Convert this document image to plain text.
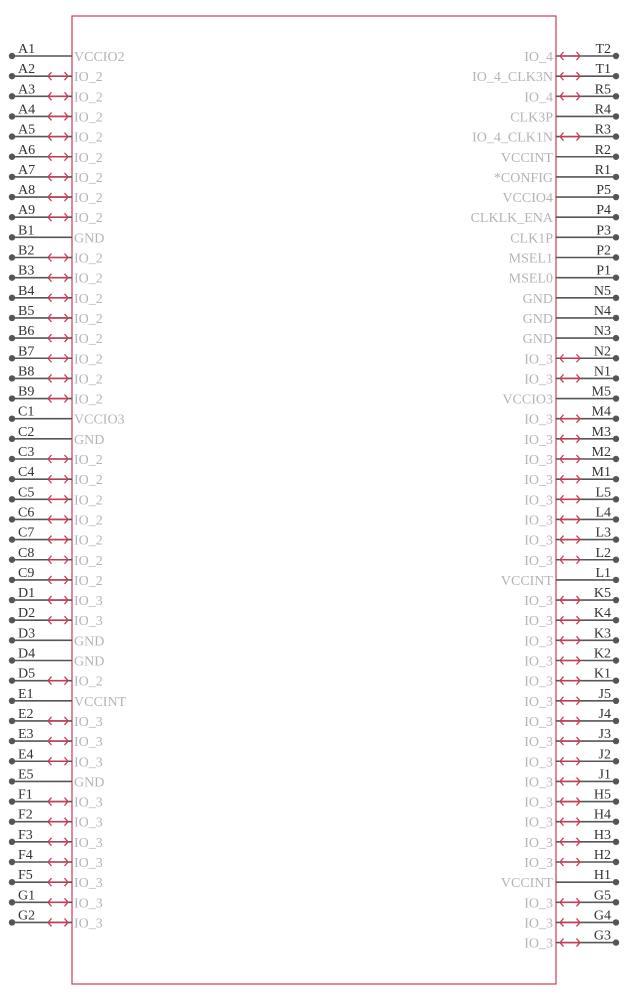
A1
VCCIO2
A2
IO_2
A3
IO_2
A4
IO_2
A5
IO_2
A6
IO_2
A7
IO_2
A8
IO_2
A9
IO_2
B1
GND
B2
IO_2
B3
IO_2
B4
IO_2
B5
IO_2
B6
IO_2
B7
IO_2
B8
IO_2
B9
IO_2
C1
VCCIO3
C2
GND
C3
IO_2
C4
IO_2
C5
IO_2
C6
IO_2
C7
IO_2
C8
IO_2
C9
IO_2
D1
IO_3
D2
IO_3
D3
GND
D4
GND
D5
IO_2
E1
VCCINT
E2
IO_3
E3
IO_3
E4
IO_3
E5
GND
F1
IO_3
F2
IO_3
F3
IO_3
F4
IO_3
F5
IO_3
G1
IO_3
G2
IO_3
T2
IO_4
T1
IO_4_CLK3N
R5
IO_4
R4
CLK3P
R3
IO_4_CLK1N
R2
VCCINT
R1
*CONFIG
P5
VCCIO4
P4
CLKLK_ENA
P3
CLK1P
P2
MSEL1
P1
MSEL0
N5
GND
N4
GND
N3
GND
N2
IO_3
N1
IO_3
M5
VCCIO3
M4
IO_3
M3
IO_3
M2
IO_3
M1
IO_3
L5
IO_3
L4
IO_3
L3
IO_3
L2
IO_3
L1
VCCINT
K5
IO_3
K4
IO_3
K3
IO_3
K2
IO_3
K1
IO_3
J5
IO_3
J4
IO_3
J3
IO_3
J2
IO_3
J1
IO_3
H5
IO_3
H4
IO_3
H3
IO_3
H2
IO_3
H1
VCCINT
G5
IO_3
G4
IO_3
G3
IO_3
